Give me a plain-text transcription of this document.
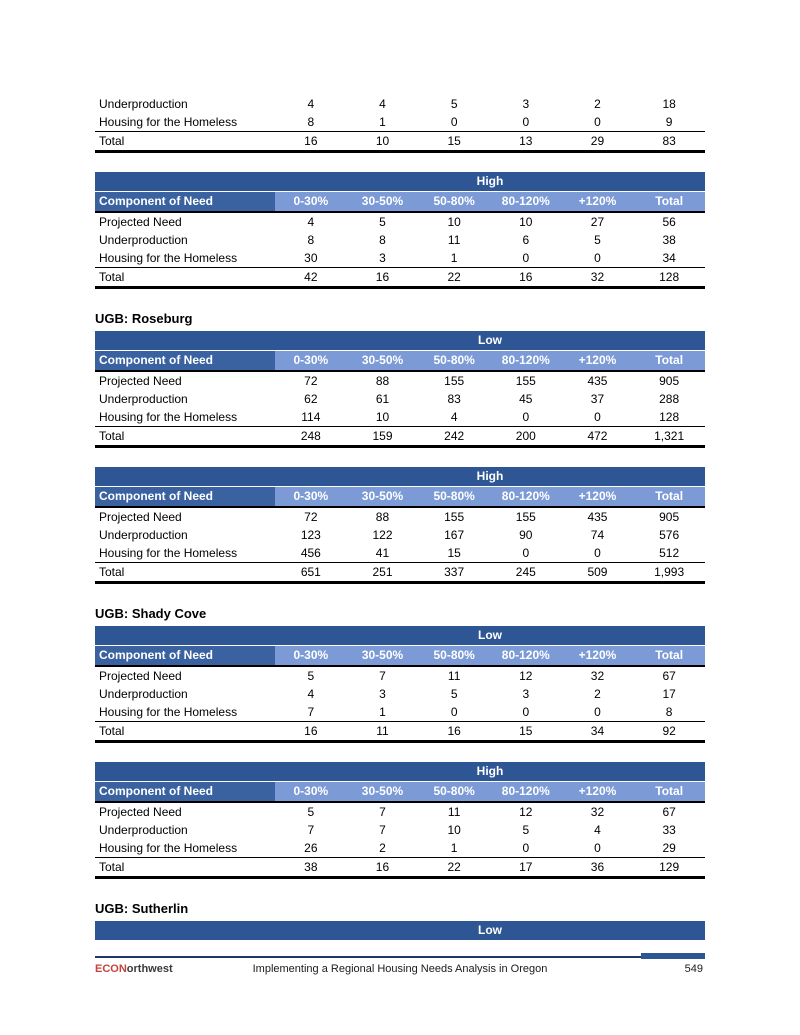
Underproduction	4	4	5	3	2	18
Housing for the Homeless	8	1	0	0	0	9
Total	16	10	15	13	29	83
	High					
Component of Need	0-30%	30-50%	50-80%	80-120%	+120%	Total
Projected Need	4	5	10	10	27	56
Underproduction	8	8	11	6	5	38
Housing for the Homeless	30	3	1	0	0	34
Total	42	16	22	16	32	128
UGB: Roseburg
	Low					
Component of Need	0-30%	30-50%	50-80%	80-120%	+120%	Total
Projected Need	72	88	155	155	435	905
Underproduction	62	61	83	45	37	288
Housing for the Homeless	114	10	4	0	0	128
Total	248	159	242	200	472	1,321
	High					
Component of Need	0-30%	30-50%	50-80%	80-120%	+120%	Total
Projected Need	72	88	155	155	435	905
Underproduction	123	122	167	90	74	576
Housing for the Homeless	456	41	15	0	0	512
Total	651	251	337	245	509	1,993
UGB: Shady Cove
	Low					
Component of Need	0-30%	30-50%	50-80%	80-120%	+120%	Total
Projected Need	5	7	11	12	32	67
Underproduction	4	3	5	3	2	17
Housing for the Homeless	7	1	0	0	0	8
Total	16	11	16	15	34	92
	High					
Component of Need	0-30%	30-50%	50-80%	80-120%	+120%	Total
Projected Need	5	7	11	12	32	67
Underproduction	7	7	10	5	4	33
Housing for the Homeless	26	2	1	0	0	29
Total	38	16	22	17	36	129
UGB: Sutherlin
	Low
ECONorthwest	Implementing a Regional Housing Needs Analysis in Oregon	549
